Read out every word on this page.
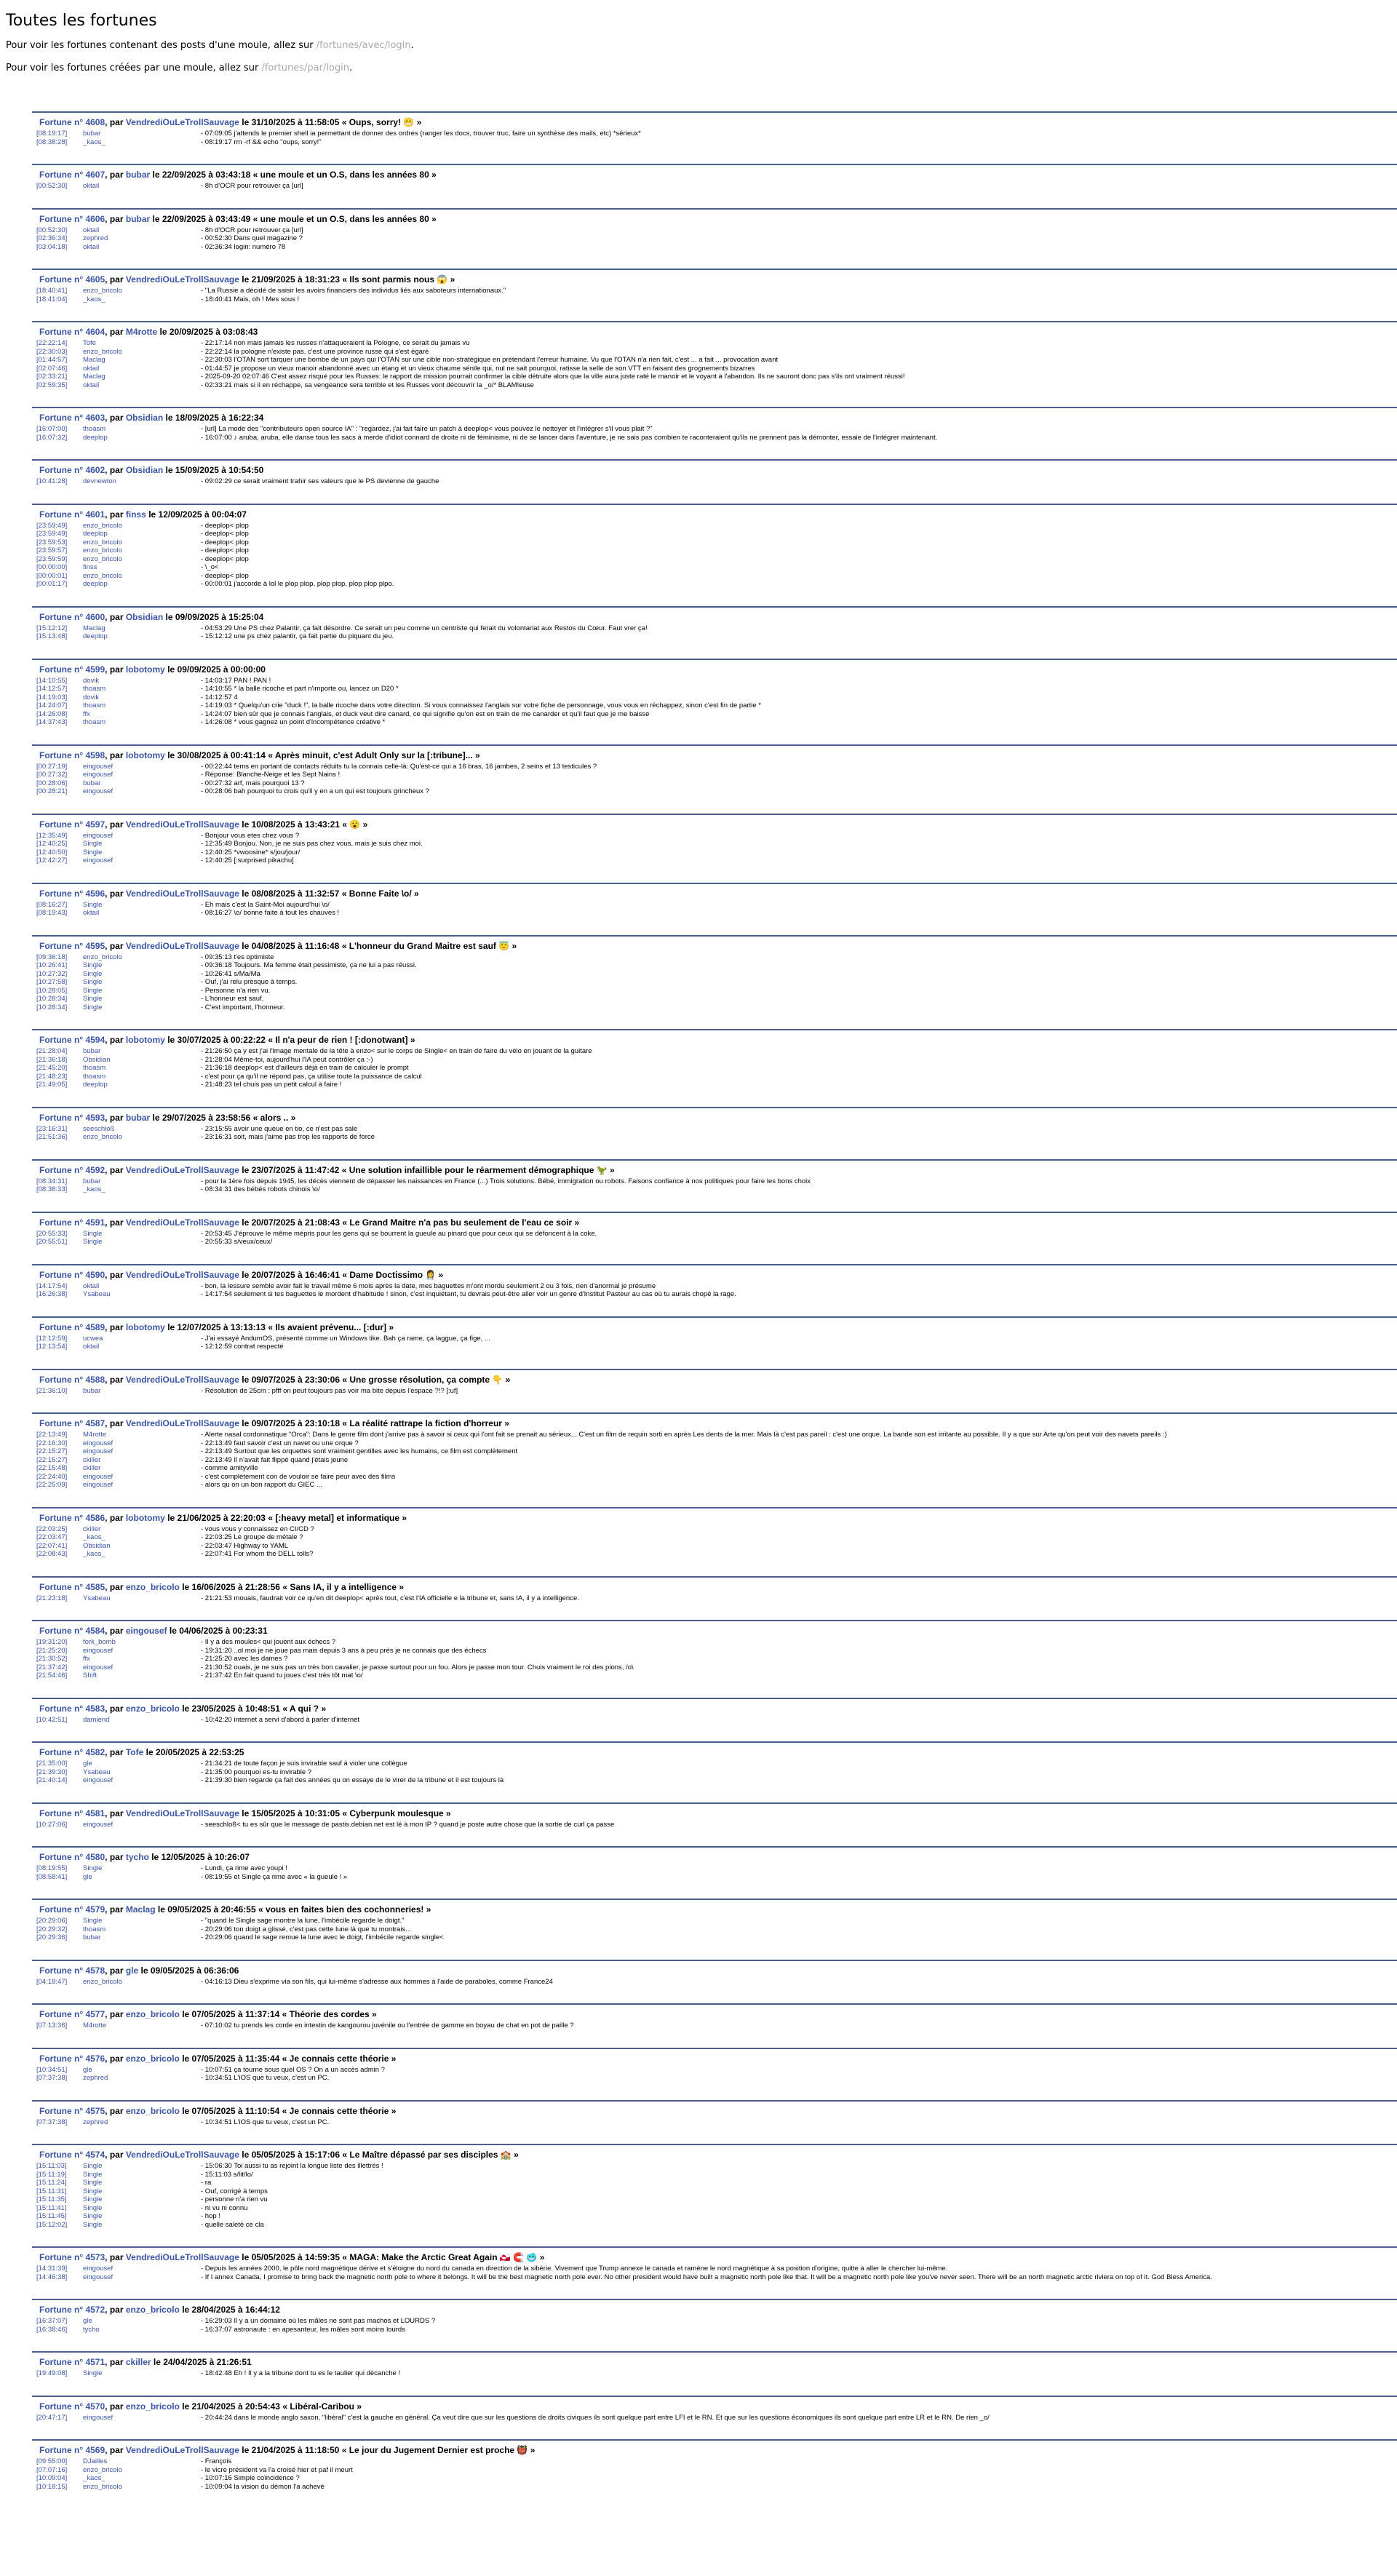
Toutes les fortunes

Pour voir les fortunes contenant des posts d'une moule, allez sur /fortunes/avec/login.

Pour voir les fortunes créées par une moule, allez sur /fortunes/par/login.

Fortune n° 4608, par VendrediOuLeTrollSauvage le 31/10/2025 à 11:58:05 « Oups, sorry! 😬 »
[08:19:17]	bubar	- 07:09:05 j'attends le premier shell ia permettant de donner des ordres (ranger les docs, trouver truc, faire un synthèse des mails, etc) *sérieux*
[08:38:28]	_kaos_	- 08:19:17 rm -rf && echo "oups, sorry!"
Fortune n° 4607, par bubar le 22/09/2025 à 03:43:18 « une moule et un O.S, dans les années 80 »
[00:52:30]	oktail	- 8h d'OCR pour retrouver ça [url]
Fortune n° 4606, par bubar le 22/09/2025 à 03:43:49 « une moule et un O.S, dans les années 80 »
[00:52:30]	oktail	- 8h d'OCR pour retrouver ça [url]
[02:36:34]	zephred	- 00:52:30 Dans quel magazine ?
[03:04:18]	oktail	- 02:36:34 login: numéro 78
Fortune n° 4605, par VendrediOuLeTrollSauvage le 21/09/2025 à 18:31:23 « Ils sont parmis nous 😱 »
[18:40:41]	enzo_bricolo	- "La Russie a décidé de saisir les avoirs financiers des individus liés aux saboteurs internationaux."
[18:41:04]	_kaos_	- 18:40:41 Mais, oh ! Mes sous !
Fortune n° 4604, par M4rotte le 20/09/2025 à 03:08:43
[22:22:14]	Tofe	- 22:17:14 non mais jamais les russes n'attaqueraient la Pologne, ce serait du jamais vu
[22:30:03]	enzo_bricolo	- 22:22:14 la pologne n'existe pas, c'est une province russe qui s'est égaré
[01:44:57]	Maclag	- 22:30:03 l'OTAN sort tarquer une bombe de un pays qui l'OTAN sur une cible non-stratégique en prétendant l'erreur humaine. Vu que l'OTAN n'a rien fait, c'est ... a fait ... provocation avant
[02:07:46]	oktail	- 01:44:57 je propose un vieux manoir abandonné avec un étang et un vieux chaume sénile qui, nul ne sait pourquoi, ratisse la selle de son VTT en faisant des grognements bizarres
[02:33:21]	Maclag	- 2025-09-20 02:07:46 C'est assez risqué pour les Russes: le rapport de mission pourrait confirmer la cible détruite alors que la ville aura juste raté le manoir et le voyant à l'abandon. Ils ne sauront donc pas s'ils ont vraiment réussi!
[02:59:35]	oktail	- 02:33:21 mais si il en réchappe, sa vengeance sera terrible et les Russes vont découvrir la _o/* BLAM!euse
Fortune n° 4603, par Obsidian le 18/09/2025 à 16:22:34
[16:07:00]	thoasm	- [url] La mode des "contributeurs open source IA" : "regardez, j'ai fait faire un patch à deeplop< vous pouvez le nettoyer et l'intégrer s'il vous plait ?"
[16:07:32]	deeplop	- 16:07:00 ♪ aruba, aruba, elle danse tous les sacs à merde d'idiot connard de droite ni de féminisme, ni de se lancer dans l'aventure, je ne sais pas combien te raconteraient qu'ils ne prennent pas la démonter, essaie de l'intégrer maintenant.
Fortune n° 4602, par Obsidian le 15/09/2025 à 10:54:50
[10:41:28]	devnewton	- 09:02:29 ce serait vraiment trahir ses valeurs que le PS devienne de gauche
Fortune n° 4601, par finss le 12/09/2025 à 00:04:07
[23:59:49]	enzo_bricolo	- deeplop< plop
[23:59:49]	deeplop	- deeplop< plop
[23:59:53]	enzo_bricolo	- deeplop< plop
[23:59:57]	enzo_bricolo	- deeplop< plop
[23:59:59]	enzo_bricolo	- deeplop< plop
[00:00:00]	finss	- \_o<
[00:00:01]	enzo_bricolo	- deeplop< plop
[00:01:17]	deeplop	- 00:00:01 j'accorde à lol le plop plop, plop plop, plop plop plpo.
Fortune n° 4600, par Obsidian le 09/09/2025 à 15:25:04
[15:12:12]	Maclag	- 04:53:29 Une PS chez Palantir, ça fait désordre. Ce serait un peu comme un centriste qui ferait du volontariat aux Restos du Cœur. Faut vrer ça!
[15:13:48]	deeplop	- 15:12:12 une ps chez palantir, ça fait partie du piquant du jeu.
Fortune n° 4599, par lobotomy le 09/09/2025 à 00:00:00
[14:10:55]	dovik	- 14:03:17 PAN ! PAN !
[14:12:57]	thoasm	- 14:10:55 * la balle ricoche et part n'importe ou, lancez un D20 *
[14:19:03]	dovik	- 14:12:57 4
[14:24:07]	thoasm	- 14:19:03 * Quelqu'un crie "duck !", la balle ricoche dans votre direction. Si vous connaissez l'anglais sur votre fiche de personnage, vous vous en réchappez, sinon c'est fin de partie *
[14:26:08]	ffx	- 14:24:07 bien sûr que je connais l'anglais, et duck veut dire canard, ce qui signifie qu'on est en train de me canarder et qu'il faut que je me baisse
[14:37:43]	thoasm	- 14:26:08 * vous gagnez un point d'incompétence créative *
Fortune n° 4598, par lobotomy le 30/08/2025 à 00:41:14 « Après minuit, c'est Adult Only sur la [:tribune]... »
[00:27:19]	eingousef	- 00:22:44 tems en portant de contacts réduits tu la connais celle-là: Qu'est-ce qui a 16 bras, 16 jambes, 2 seins et 13 testicules ?
[00:27:32]	eingousef	- Réponse: Blanche-Neige et les Sept Nains !
[00:28:06]	bubar	- 00:27:32 arf, mais pourquoi 13 ?
[00:28:21]	eingousef	- 00:28:06 bah pourquoi tu crois qu'il y en a un qui est toujours grincheux ?
Fortune n° 4597, par VendrediOuLeTrollSauvage le 10/08/2025 à 13:43:21 « 😮 »
[12:35:49]	eingousef	- Bonjour vous etes chez vous ?
[12:40:25]	Single	- 12:35:49 Bonjou. Non, je ne suis pas chez vous, mais je suis chez moi.
[12:40:50]	Single	- 12:40:25 *vwoosine* s/jou/jour/
[12:42:27]	eingousef	- 12:40:25 [:surprised pikachu]
Fortune n° 4596, par VendrediOuLeTrollSauvage le 08/08/2025 à 11:32:57 « Bonne Faite \o/ »
[08:16:27]	Single	- Eh mais c'est la Saint-Moi aujourd'hui \o/
[08:19:43]	oktail	- 08:16:27 \o/ bonne faite à tout les chauves !
Fortune n° 4595, par VendrediOuLeTrollSauvage le 04/08/2025 à 11:16:48 « L'honneur du Grand Maitre est sauf 😇 »
[09:36:18]	enzo_bricolo	- 09:35:13 t'es optimiste
[10:26:41]	Single	- 09:36:18 Toujours. Ma femme était pessimiste, ça ne lui a pas réussi.
[10:27:32]	Single	- 10:26:41 s/Ma/Ma
[10:27:58]	Single	- Ouf, j'ai relu presque à temps.
[10:28:05]	Single	- Personne n'a rien vu.
[10:28:34]	Single	- L'honneur est sauf.
[10:28:34]	Single	- C'est important, l'honneur.
Fortune n° 4594, par lobotomy le 30/07/2025 à 00:22:22 « Il n'a peur de rien ! [:donotwant] »
[21:28:04]	bubar	- 21:26:50 ça y est j'ai l'image mentale de la tête à enzo< sur le corps de Single< en train de faire du vélo en jouant de la guitare
[21:36:18]	Obsidian	- 21:28:04 Même-toi, aujourd'hui l'IA peut contrôler ça :-)
[21:45:20]	thoasm	- 21:36:18 deeplop< est d'ailleurs déjà en train de calculer le prompt
[21:48:23]	thoasm	- c'est pour ça qu'il ne répond pas, ça utilise toute la puissance de calcul
[21:49:05]	deeplop	- 21:48:23 tel chuis pas un petit calcul à faire !
Fortune n° 4593, par bubar le 29/07/2025 à 23:58:56 « alors .. »
[23:16:31]	seeschloß	- 23:15:55 avoir une queue en tio, ce n'est pas sale
[21:51:36]	enzo_bricolo	- 23:16:31 soit, mais j'aime pas trop les rapports de force
Fortune n° 4592, par VendrediOuLeTrollSauvage le 23/07/2025 à 11:47:42 « Une solution infaillible pour le réarmement démographique 🦖 »
[08:34:31]	bubar	- pour la 1ère fois depuis 1945, les décès viennent de dépasser les naissances en France (...) Trois solutions. Bébé, immigration ou robots. Faisons confiance à nos politiques pour faire les bons choix
[08:38:33]	_kaos_	- 08:34:31 des bébés robots chinois \o/
Fortune n° 4591, par VendrediOuLeTrollSauvage le 20/07/2025 à 21:08:43 « Le Grand Maitre n'a pas bu seulement de l'eau ce soir »
[20:55:33]	Single	- 20:53:45 J'éprouve le même mépris pour les gens qui se bourrent la gueule au pinard que pour ceux qui se défoncent à la coke.
[20:55:51]	Single	- 20:55:33 s/veux/ceux/
Fortune n° 4590, par VendrediOuLeTrollSauvage le 20/07/2025 à 16:46:41 « Dame Doctissimo 👩‍⚕️ »
[14:17:54]	oktail	- bon, la lessure semble avoir fait le travail même 6 mois après la date, mes baguettes m'ont mordu seulement 2 ou 3 fois, rien d'anormal je présume
[16:26:38]	Ysabeau	- 14:17:54 seulement si tes baguettes le mordent d'habitude ! sinon, c'est inquiétant, tu devrais peut-être aller voir un genre d'Institut Pasteur au cas où tu aurais chopé la rage.
Fortune n° 4589, par lobotomy le 12/07/2025 à 13:13:13 « Ils avaient prévenu... [:dur] »
[12:12:59]	ucwea	- J'ai essayé AndumOS, présenté comme un Windows like. Bah ça rame, ça laggue, ça fige, ...
[12:13:54]	oktail	- 12:12:59 contrat respecté
Fortune n° 4588, par VendrediOuLeTrollSauvage le 09/07/2025 à 23:30:06 « Une grosse résolution, ça compte 👇 »
[21:36:10]	bubar	- Résolution de 25cm : pfff on peut toujours pas voir ma bite depuis l'espace ?!? [:uf]
Fortune n° 4587, par VendrediOuLeTrollSauvage le 09/07/2025 à 23:10:18 « La réalité rattrape la fiction d'horreur »
[22:13:49]	M4rotte	- Alerte nasal cordonnatique "Orca": Dans le genre film dont j'arrive pas à savoir si ceux qui l'ont fait se prenait au sérieux... C'est un film de requin sorti en après Les dents de la mer. Mais là c'est pas pareil : c'est une orque. La bande son est irritante au possible. Il y a que sur Arte qu'on peut voir des navets pareils :)
[22:16:30]	eingousef	- 22:13:49 faut savoir c'est un navet ou une orque ?
[22:15:27]	eingousef	- 22:13:49 Surtout que les orquettes sont vraiment gentilles avec les humains, ce film est complètement
[22:15:27]	ckiller	- 22:13:49 Il n'avait fait flippé quand j'étais jeune
[22:15:48]	ckiller	- comme amityville
[22:24:40]	eingousef	- c'est complètement con de vouloir se faire peur avec des films
[22:25:09]	eingousef	- alors qu on un bon rapport du GIEC ...
Fortune n° 4586, par lobotomy le 21/06/2025 à 22:20:03 « [:heavy metal] et informatique »
[22:03:25]	ckiller	- vous vous y connaissez en CI/CD ?
[22:03:47]	_kaos_	- 22:03:25 Le groupe de métale ?
[22:07:41]	Obsidian	- 22:03:47 Highway to YAML
[22:08:43]	_kaos_	- 22:07:41 For whom the DELL tolls?
Fortune n° 4585, par enzo_bricolo le 16/06/2025 à 21:28:56 « Sans IA, il y a intelligence »
[21:23:18]	Ysabeau	- 21:21:53 mouais, faudrait voir ce qu'en dit deeplop< après tout, c'est l'IA officielle e la tribune et, sans IA, il y a intelligence.
Fortune n° 4584, par eingousef le 04/06/2025 à 00:23:31
[19:31:20]	fork_bomb	- Il y a des moules< qui jouent aux échecs ?
[21:25:20]	eingousef	- 19:31:20 ..ol moi je ne joue pas mais depuis 3 ans à peu près je ne connais que des échecs
[21:30:52]	ffx	- 21:25:20 avec les dames ?
[21:37:42]	eingousef	- 21:30:52 ouais, je ne suis pas un très bon cavalier, je passe surtout pour un fou. Alors je passe mon tour. Chuis vraiment le roi des pions, /o\
[21:54:46]	Shift	- 21:37:42 En fait quand tu joues c'est très tôt mat \o/
Fortune n° 4583, par enzo_bricolo le 23/05/2025 à 10:48:51 « A qui ? »
[10:42:51]	damiend	- 10:42:20 internet a servi d'abord à parler d'internet
Fortune n° 4582, par Tofe le 20/05/2025 à 22:53:25
[21:35:00]	gle	- 21:34:21 de toute façon je suis invirable sauf à violer une collègue
[21:39:30]	Ysabeau	- 21:35:00 pourquoi es-tu invirable ?
[21:40:14]	eingousef	- 21:39:30 bien regarde ça fait des années qu on essaye de le virer de la tribune et il est toujours là
Fortune n° 4581, par VendrediOuLeTrollSauvage le 15/05/2025 à 10:31:05 « Cyberpunk moulesque »
[10:27:06]	eingousef	- seeschloß< tu es sûr que le message de pastis.debian.net est lé à mon IP ? quand je poste autre chose que la sortie de curl ça passe
Fortune n° 4580, par tycho le 12/05/2025 à 10:26:07
[08:19:55]	Single	- Lundi, ça rime avec youpi !
[08:58:41]	gle	- 08:19:55 et Single ça rime avec « la gueule ! »
Fortune n° 4579, par Maclag le 09/05/2025 à 20:46:55 « vous en faites bien des cochonneries! »
[20:29:06]	Single	- "quand le Single sage montre la lune, l'imbécile regarde le doigt."
[20:29:32]	thoasm	- 20:29:06 ton doigt a glissé, c'est pas cette lune là que tu montrais...
[20:29:36]	bubar	- 20:29:06 quand le sage remue la lune avec le doigt, l'imbécile regarde single<
Fortune n° 4578, par gle le 09/05/2025 à 06:36:06
[04:18:47]	enzo_bricolo	- 04:16:13 Dieu s'exprime via son fils, qui lui-même s'adresse aux hommes à l'aide de paraboles, comme France24
Fortune n° 4577, par enzo_bricolo le 07/05/2025 à 11:37:14 « Théorie des cordes »
[07:13:36]	M4rotte	- 07:10:02 tu prends les corde en intestin de kangourou juvénile ou l'entrée de gamme en boyau de chat en pot de paille ?
Fortune n° 4576, par enzo_bricolo le 07/05/2025 à 11:35:44 « Je connais cette théorie »
[10:34:51]	gle	- 10:07:51 ça tourne sous quel OS ? On a un accès admin ?
[07:37:38]	zephred	- 10:34:51 L'iOS que tu veux, c'est un PC.
Fortune n° 4575, par enzo_bricolo le 07/05/2025 à 11:10:54 « Je connais cette théorie »
[07:37:38]	zephred	- 10:34:51 L'iOS que tu veux, c'est un PC.
Fortune n° 4574, par VendrediOuLeTrollSauvage le 05/05/2025 à 15:17:06 « Le Maître dépassé par ses disciples 🏫 »
[15:11:03]	Single	- 15:06:30 Toi aussi tu as rejoint la longue liste des illettrés !
[15:11:19]	Single	- 15:11:03 s/lit/lo/
[15:11:24]	Single	- ra
[15:11:31]	Single	- Ouf, corrigé à temps
[15:11:35]	Single	- personne n'a rien vu
[15:11:41]	Single	- ni vu ni connu
[15:11:45]	Single	- hop !
[15:12:02]	Single	- quelle saleté ce cla
Fortune n° 4573, par VendrediOuLeTrollSauvage le 05/05/2025 à 14:59:35 « MAGA: Make the Arctic Great Again 🇬🇱 🧲 🥶 »
[14:31:39]	eingousef	- Depuis les années 2000, le pôle nord magnétique dérive et s'éloigne du nord du canada en direction de la sibérie. Vivement que Trump annexe le canada et ramène le nord magnétique à sa position d'origine, quitte à aller le chercher lui-même.
[14:46:38]	eingousef	- If I annex Canada, I promise to bring back the magnetic north pole to where it belongs. It will be the best magnetic north pole ever. No other president would have built a magnetic north pole like that. It will be a magnetic north pole like you've never seen. There will be an north magnetic arctic riviera on top of it. God Bless America.
Fortune n° 4572, par enzo_bricolo le 28/04/2025 à 16:44:12
[16:37:07]	gle	- 16:29:03 Il y a un domaine où les mâles ne sont pas machos et LOURDS ?
[16:38:46]	tycho	- 16:37:07 astronaute : en apesanteur, les mâles sont moins lourds
Fortune n° 4571, par ckiller le 24/04/2025 à 21:26:51
[19:49:08]	Single	- 18:42:48 Eh ! Il y a la tribune dont tu es le taulier qui décanche !
Fortune n° 4570, par enzo_bricolo le 21/04/2025 à 20:54:43 « Libéral-Caribou »
[20:47:17]	eingousef	- 20:44:24 dans le monde anglo saxon, "libéral" c'est la gauche en général. Ça veut dire que sur les questions de droits civiques ils sont quelque part entre LFI et le RN. Et que sur les questions économiques ils sont quelque part entre LR et le RN. De rien _o/
Fortune n° 4569, par VendrediOuLeTrollSauvage le 21/04/2025 à 11:18:50 « Le jour du Jugement Dernier est proche 👹 »
[09:55:00]	DJailles	- François
[07:07:16]	enzo_bricolo	- le vicre président va l'a croisé hier et paf il meurt
[10:09:04]	_kaos_	- 10:07:16 Simple coïncidence ?
[10:18:15]	enzo_bricolo	- 10:09:04 la vision du démon l'a achevé
